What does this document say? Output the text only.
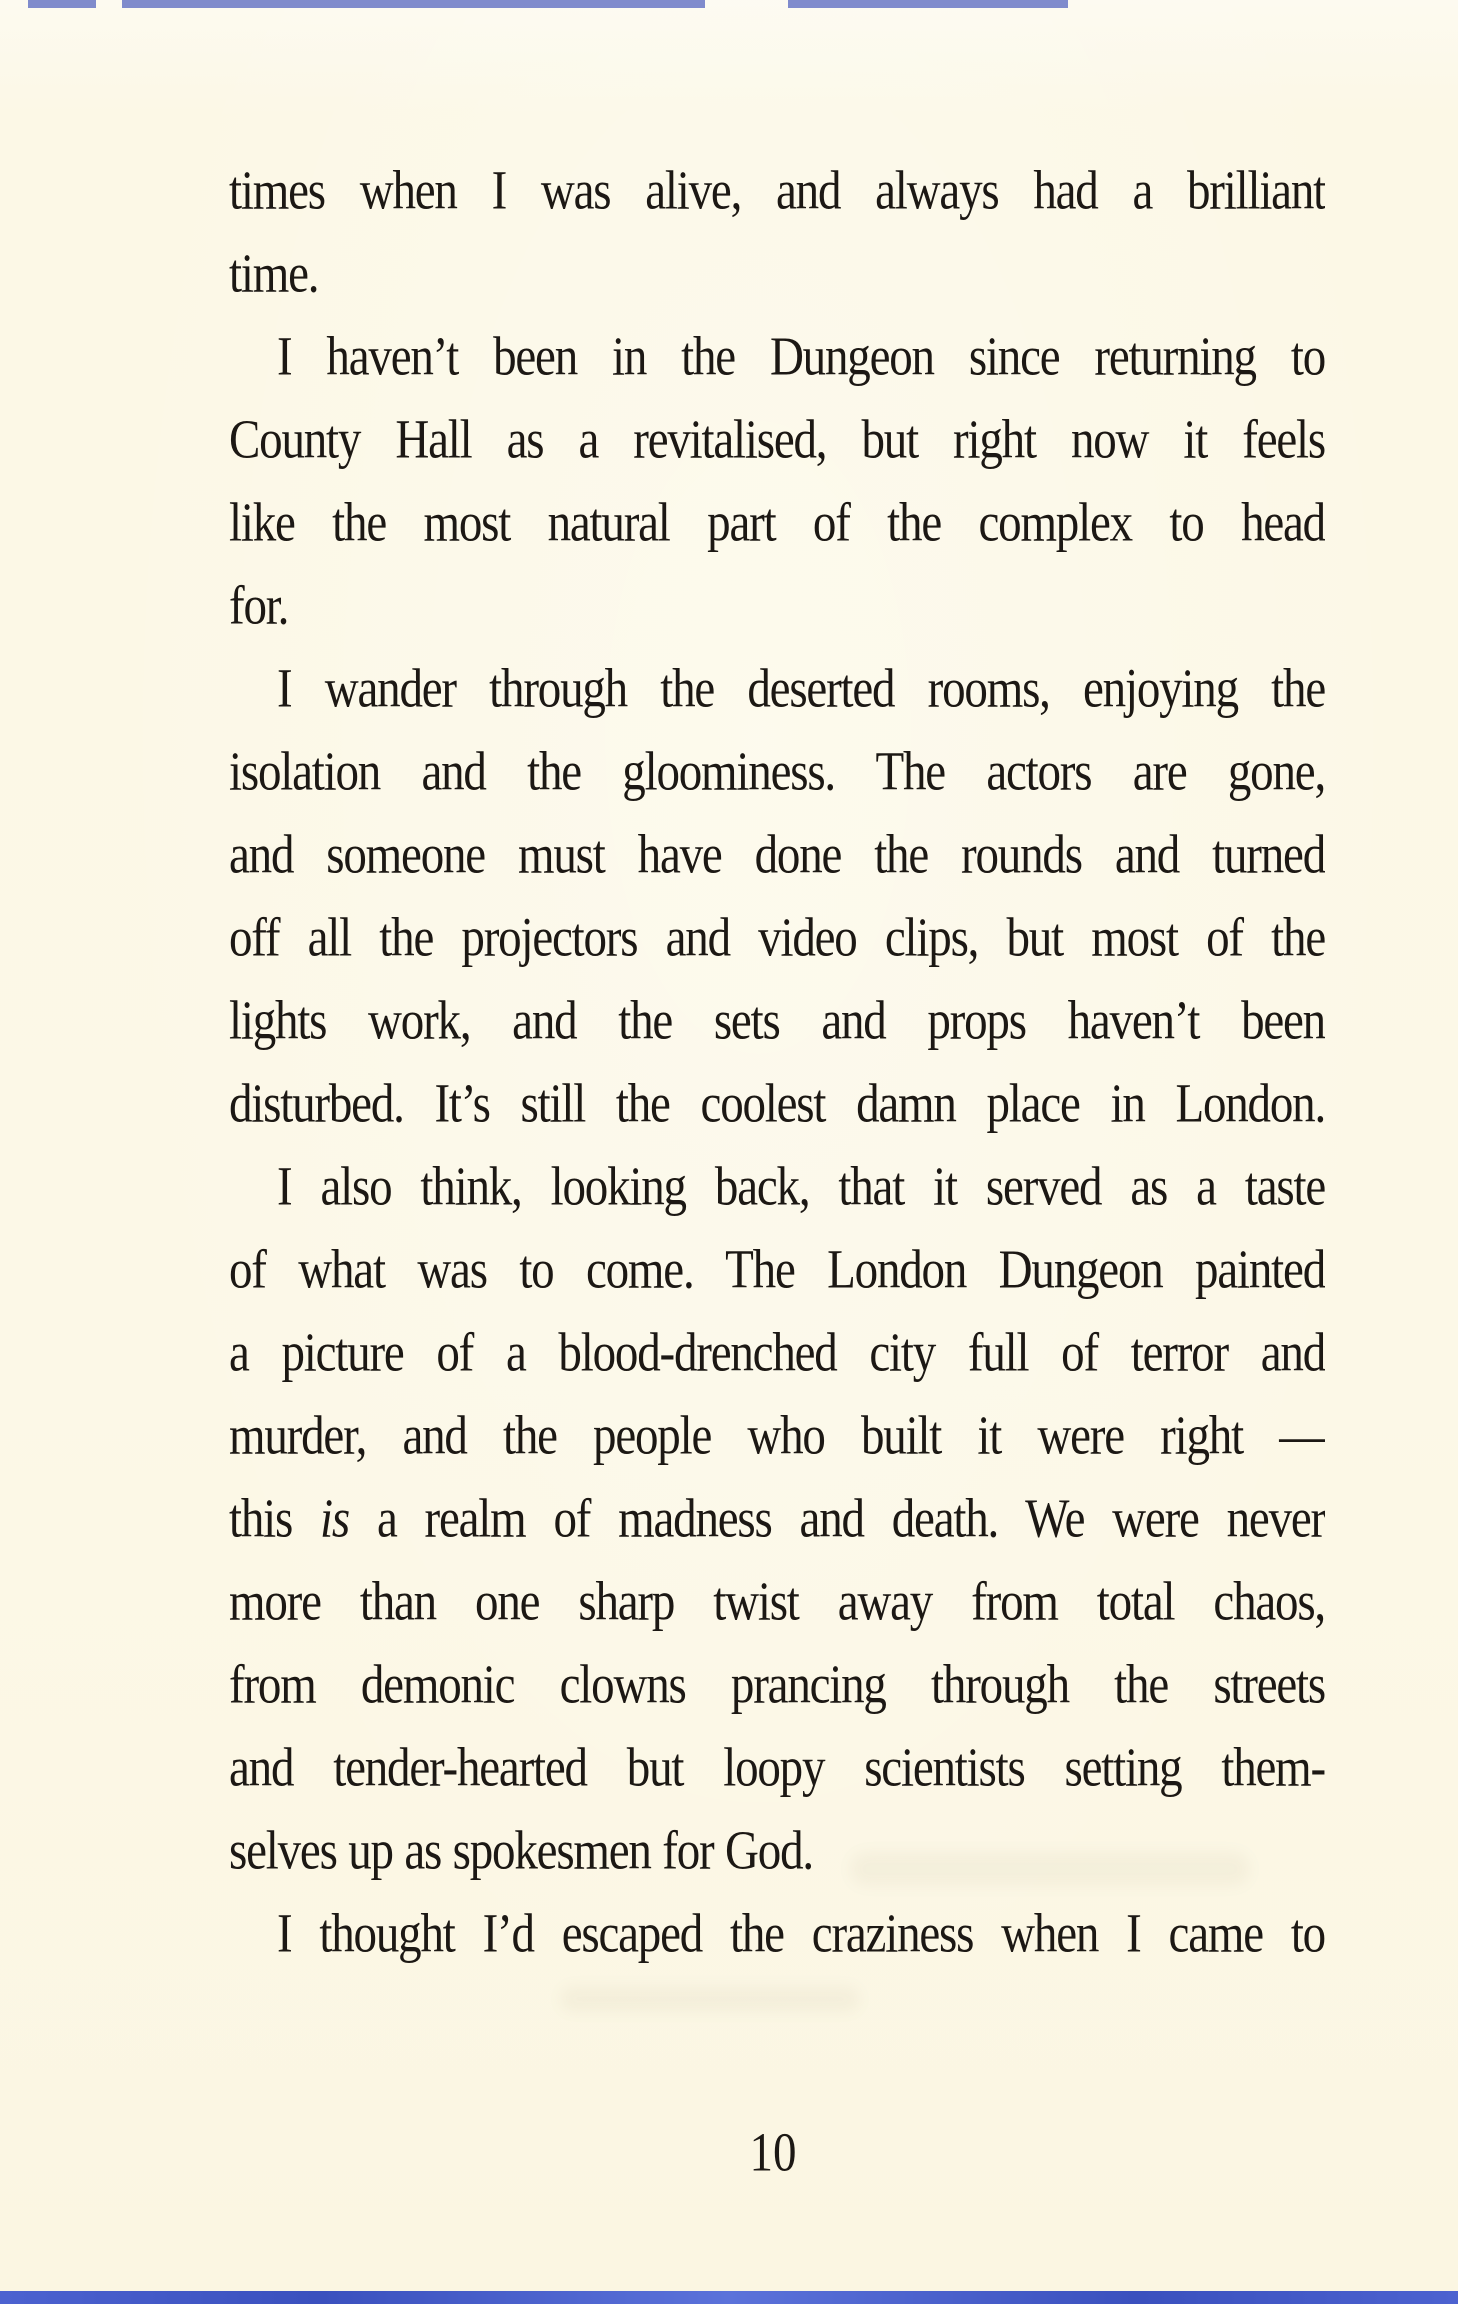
times when I was alive, and always had a brilliant
time.
I haven’t been in the Dungeon since returning to
County Hall as a revitalised, but right now it feels
like the most natural part of the complex to head
for.
I wander through the deserted rooms, enjoying the
isolation and the gloominess. The actors are gone,
and someone must have done the rounds and turned
off all the projectors and video clips, but most of the
lights work, and the sets and props haven’t been
disturbed. It’s still the coolest damn place in London.
I also think, looking back, that it served as a taste
of what was to come. The London Dungeon painted
a picture of a blood-drenched city full of terror and
murder, and the people who built it were right —
this is a realm of madness and death. We were never
more than one sharp twist away from total chaos,
from demonic clowns prancing through the streets
and tender-hearted but loopy scientists setting them-
selves up as spokesmen for God.
I thought I’d escaped the craziness when I came to
10
